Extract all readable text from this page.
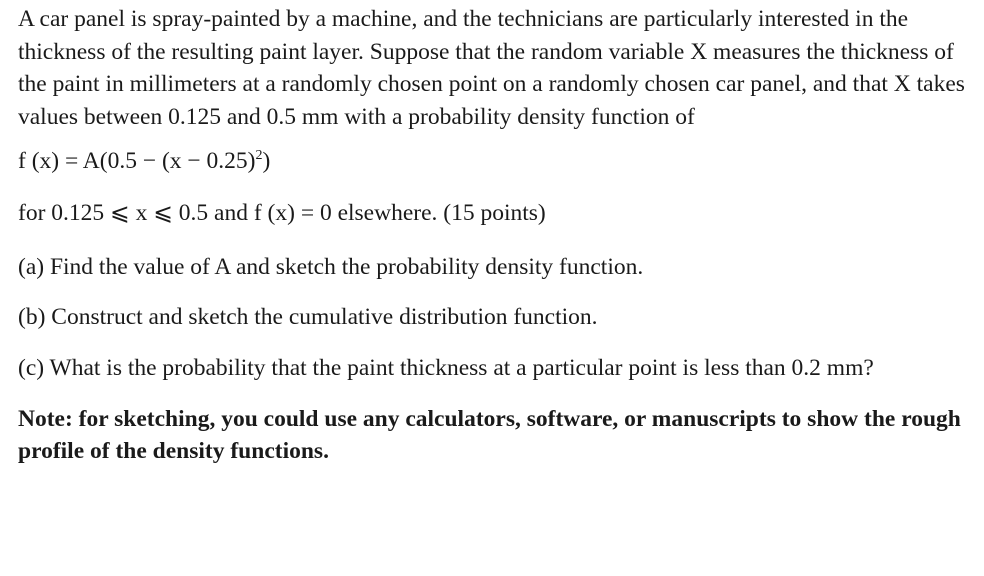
A car panel is spray-painted by a machine, and the technicians are particularly interested in the thickness of the resulting paint layer. Suppose that the random variable X measures the thickness of the paint in millimeters at a randomly chosen point on a randomly chosen car panel, and that X takes values between 0.125 and 0.5 mm with a probability density function of

f $(x) = A(0.5 - (x - 0.25)^2)$

for 0.125 ⩽ x ⩽ 0.5 and f (x) = 0 elsewhere. (15 points)

(a) Find the value of A and sketch the probability density function.

(b) Construct and sketch the cumulative distribution function.

(c) What is the probability that the paint thickness at a particular point is less than 0.2 mm?

Note: for sketching, you could use any calculators, software, or manuscripts to show the rough profile of the density functions.
